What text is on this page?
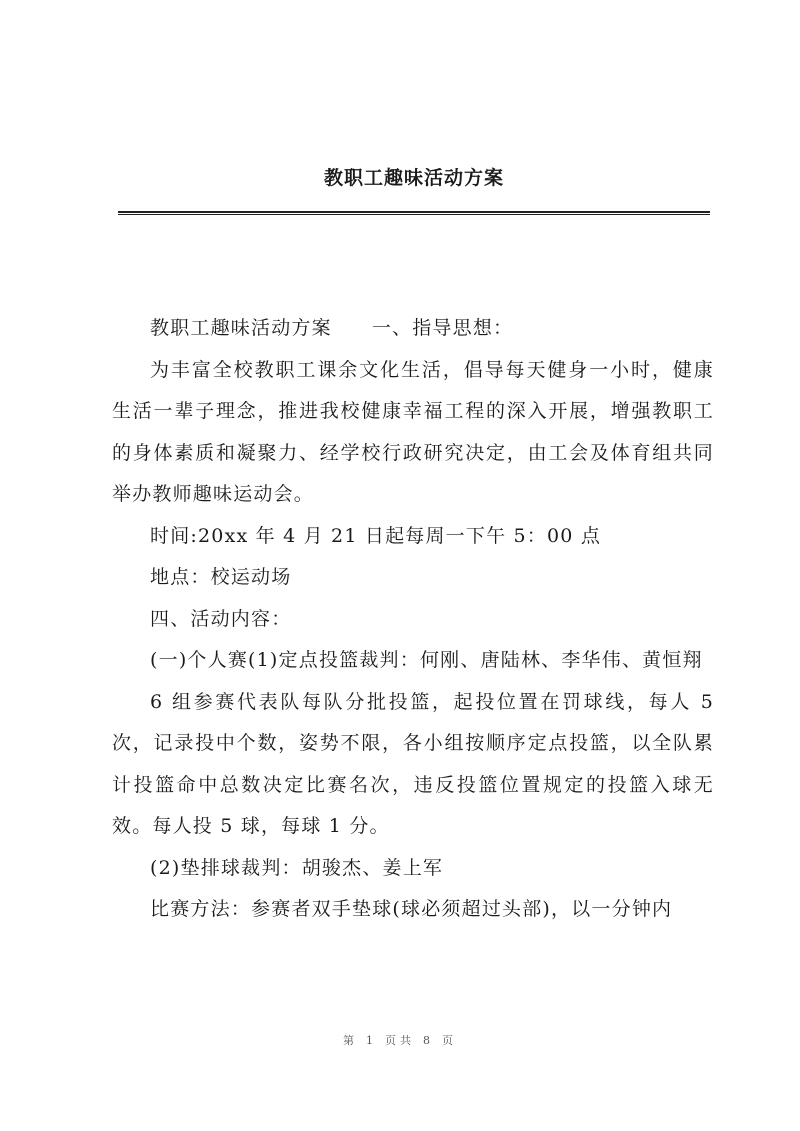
教职工趣味活动方案

教职工趣味活动方案 一、指导思想：

为丰富全校教职工课余文化生活，倡导每天健身一小时，健康生活一辈子理念，推进我校健康幸福工程的深入开展，增强教职工的身体素质和凝聚力、经学校行政研究决定，由工会及体育组共同举办教师趣味运动会。

时间:20xx 年 4 月 21 日起每周一下午 5：00 点

地点：校运动场

四、活动内容：

(一)个人赛(1)定点投篮裁判：何刚、唐陆林、李华伟、黄恒翔

6 组参赛代表队每队分批投篮，起投位置在罚球线，每人 5 次，记录投中个数，姿势不限，各小组按顺序定点投篮，以全队累计投篮命中总数决定比赛名次，违反投篮位置规定的投篮入球无效。每人投 5 球，每球 1 分。

(2)垫排球裁判：胡骏杰、姜上军

比赛方法：参赛者双手垫球(球必须超过头部)，以一分钟内

第 1 页共 8 页
